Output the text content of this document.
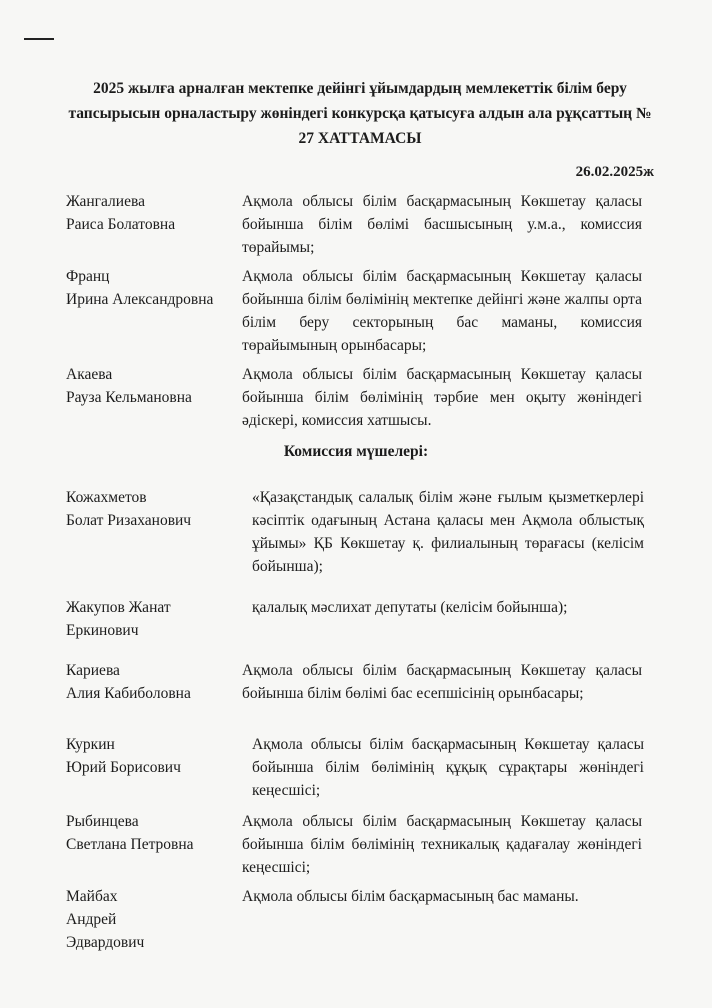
2025 жылға арналған мектепке дейінгі ұйымдардың мемлекеттік білім беру тапсырысын орналастыру жөніндегі конкурсқа қатысуға алдын ала рұқсаттың № 27 ХАТТАМАСЫ
26.02.2025ж
Жангалиева
Раиса Болатовна
Ақмола облысы білім басқармасының Көкшетау қаласы бойынша білім бөлімі басшысының у.м.а., комиссия төрайымы;
Франц
Ирина Александровна
Ақмола облысы білім басқармасының Көкшетау қаласы бойынша білім бөлімінің мектепке дейінгі және жалпы орта білім беру секторының бас маманы, комиссия төрайымының орынбасары;
Акаева
Рауза Кельмановна
Ақмола облысы білім басқармасының Көкшетау қаласы бойынша білім бөлімінің тәрбие мен оқыту жөніндегі әдіскері, комиссия хатшысы.
Комиссия мүшелері:
Кожахметов
Болат Ризаханович
«Қазақстандық салалық білім және ғылым қызметкерлері кәсіптік одағының Астана қаласы мен Ақмола облыстық ұйымы» ҚБ Көкшетау қ. филиалының төрағасы (келісім бойынша);
Жакупов Жанат
Еркинович
қалалық мәслихат депутаты (келісім бойынша);
Кариева
Алия Кабиболовна
Ақмола облысы білім басқармасының Көкшетау қаласы бойынша білім бөлімі бас есепшісінің орынбасары;
Куркин
Юрий Борисович
Ақмола облысы білім басқармасының Көкшетау қаласы бойынша білім бөлімінің құқық сұрақтары жөніндегі кеңесшісі;
Рыбинцева
Светлана Петровна
Ақмола облысы білім басқармасының Көкшетау қаласы бойынша білім бөлімінің техникалық қадағалау жөніндегі кеңесшісі;
Майбах
Андрей
Эдвардович
Ақмола облысы білім басқармасының бас маманы.
